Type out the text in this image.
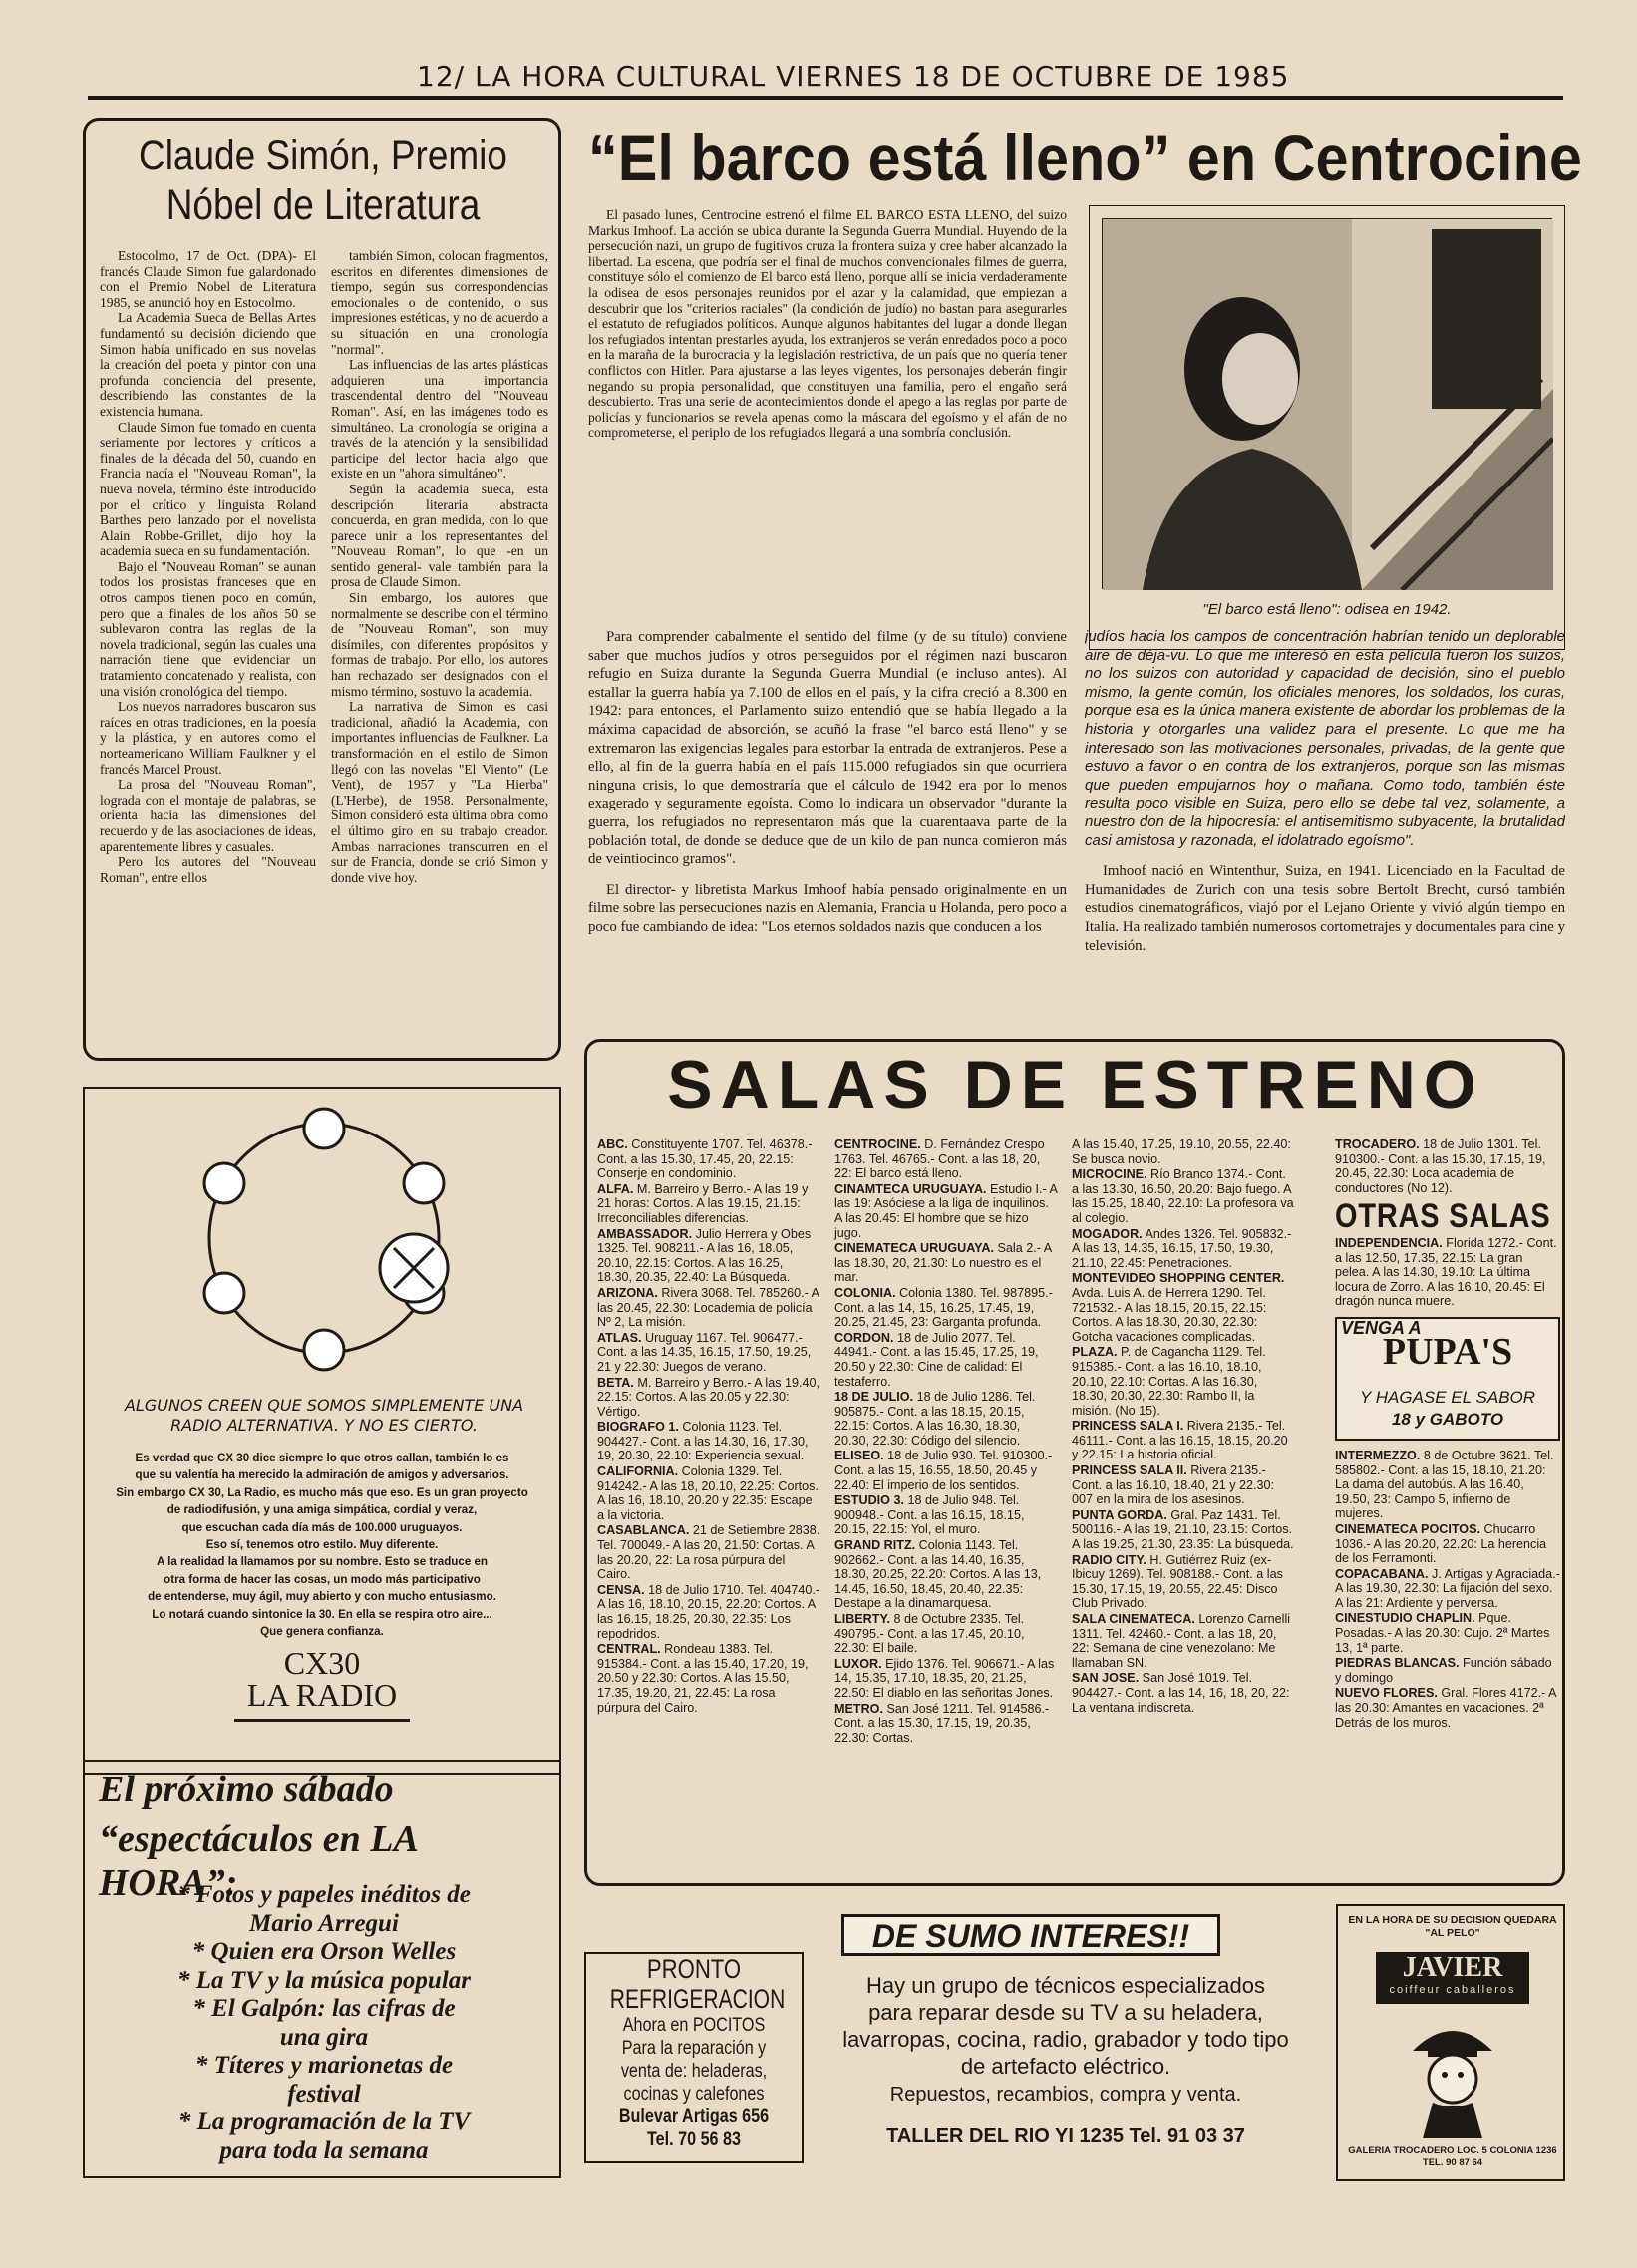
12/ LA HORA CULTURAL VIERNES 18 DE OCTUBRE DE 1985
Claude Simón, Premio Nóbel de Literatura

Estocolmo, 17 de Oct. (DPA)- El francés Claude Simon fue galardonado con el Premio Nobel de Literatura 1985, se anunció hoy en Estocolmo.

La Academia Sueca de Bellas Artes fundamentó su decisión diciendo que Simon había unificado en sus novelas la creación del poeta y pintor con una profunda conciencia del presente, describiendo las constantes de la existencia humana.

Claude Simon fue tomado en cuenta seriamente por lectores y críticos a finales de la década del 50, cuando en Francia nacía el "Nouveau Roman", la nueva novela, término éste introducido por el crítico y linguista Roland Barthes pero lanzado por el novelista Alain Robbe-Grillet, dijo hoy la academia sueca en su fundamentación.

Bajo el "Nouveau Roman" se aunan todos los prosistas franceses que en otros campos tienen poco en común, pero que a finales de los años 50 se sublevaron contra las reglas de la novela tradicional, según las cuales una narración tiene que evidenciar un tratamiento concatenado y realista, con una visión cronológica del tiempo.

Los nuevos narradores buscaron sus raíces en otras tradiciones, en la poesía y la plástica, y en autores como el norteamericano William Faulkner y el francés Marcel Proust.

La prosa del "Nouveau Roman", lograda con el montaje de palabras, se orienta hacia las dimensiones del recuerdo y de las asociaciones de ideas, aparentemente libres y casuales.

Pero los autores del "Nouveau Roman", entre ellos

también Simon, colocan fragmentos, escritos en diferentes dimensiones de tiempo, según sus correspondencias emocionales o de contenido, o sus impresiones estéticas, y no de acuerdo a su situación en una cronología "normal".

Las influencias de las artes plásticas adquieren una importancia trascendental dentro del "Nouveau Roman". Así, en las imágenes todo es simultáneo. La cronología se origina a través de la atención y la sensibilidad participe del lector hacia algo que existe en un "ahora simultáneo".

Según la academia sueca, esta descripción literaria abstracta concuerda, en gran medida, con lo que parece unir a los representantes del "Nouveau Roman", lo que -en un sentido general- vale también para la prosa de Claude Simon.

Sin embargo, los autores que normalmente se describe con el término de "Nouveau Roman", son muy disímiles, con diferentes propósitos y formas de trabajo. Por ello, los autores han rechazado ser designados con el mismo término, sostuvo la academia.

La narrativa de Simon es casi tradicional, añadió la Academia, con importantes influencias de Faulkner. La transformación en el estilo de Simon llegó con las novelas "El Viento" (Le Vent), de 1957 y "La Hierba" (L'Herbe), de 1958. Personalmente, Simon consideró esta última obra como el último giro en su trabajo creador. Ambas narraciones transcurren en el sur de Francia, donde se crió Simon y donde vive hoy.

“El barco está lleno” en Centrocine

El pasado lunes, Centrocine estrenó el filme EL BARCO ESTA LLENO, del suizo Markus Imhoof. La acción se ubica durante la Segunda Guerra Mundial. Huyendo de la persecución nazi, un grupo de fugitivos cruza la frontera suiza y cree haber alcanzado la libertad. La escena, que podría ser el final de muchos convencionales filmes de guerra, constituye sólo el comienzo de El barco está lleno, porque allí se inicia verdaderamente la odisea de esos personajes reunidos por el azar y la calamidad, que empiezan a descubrir que los "criterios raciales" (la condición de judío) no bastan para asegurarles el estatuto de refugiados políticos. Aunque algunos habitantes del lugar a donde llegan los refugiados intentan prestarles ayuda, los extranjeros se verán enredados poco a poco en la maraña de la burocracia y la legislación restrictiva, de un país que no quería tener conflictos con Hitler. Para ajustarse a las leyes vigentes, los personajes deberán fingir negando su propia personalidad, que constituyen una familia, pero el engaño será descubierto. Tras una serie de acontecimientos donde el apego a las reglas por parte de policías y funcionarios se revela apenas como la máscara del egoísmo y el afán de no comprometerse, el periplo de los refugiados llegará a una sombría conclusión.

"El barco está lleno": odisea en 1942.

Para comprender cabalmente el sentido del filme (y de su título) conviene saber que muchos judíos y otros perseguidos por el régimen nazi buscaron refugio en Suiza durante la Segunda Guerra Mundial (e incluso antes). Al estallar la guerra había ya 7.100 de ellos en el país, y la cifra creció a 8.300 en 1942: para entonces, el Parlamento suizo entendió que se había llegado a la máxima capacidad de absorción, se acuñó la frase "el barco está lleno" y se extremaron las exigencias legales para estorbar la entrada de extranjeros. Pese a ello, al fin de la guerra había en el país 115.000 refugiados sin que ocurriera ninguna crisis, lo que demostraría que el cálculo de 1942 era por lo menos exagerado y seguramente egoísta. Como lo indicara un observador "durante la guerra, los refugiados no representaron más que la cuarentaava parte de la población total, de donde se deduce que de un kilo de pan nunca comieron más de veintiocinco gramos".

El director- y libretista Markus Imhoof había pensado originalmente en un filme sobre las persecuciones nazis en Alemania, Francia u Holanda, pero poco a poco fue cambiando de idea: "Los eternos soldados nazis que conducen a los

judíos hacia los campos de concentración habrían tenido un deplorable aire de déja-vu. Lo que me interesó en esta película fueron los suizos, no los suizos con autoridad y capacidad de decisión, sino el pueblo mismo, la gente común, los oficiales menores, los soldados, los curas, porque esa es la única manera existente de abordar los problemas de la historia y otorgarles una validez para el presente. Lo que me ha interesado son las motivaciones personales, privadas, de la gente que estuvo a favor o en contra de los extranjeros, porque son las mismas que pueden empujarnos hoy o mañana. Como todo, también éste resulta poco visible en Suiza, pero ello se debe tal vez, solamente, a nuestro don de la hipocresía: el antisemitismo subyacente, la brutalidad casi amistosa y razonada, el idolatrado egoísmo".
Imhoof nació en Wintenthur, Suiza, en 1941. Licenciado en la Facultad de Humanidades de Zurich con una tesis sobre Bertolt Brecht, cursó también estudios cinematográficos, viajó por el Lejano Oriente y vivió algún tiempo en Italia. Ha realizado también numerosos cortometrajes y documentales para cine y televisión.
ALGUNOS CREEN QUE SOMOS SIMPLEMENTE UNA RADIO ALTERNATIVA. Y NO ES CIERTO.
Es verdad que CX 30 dice siempre lo que otros callan, también lo es
que su valentía ha merecido la admiración de amigos y adversarios.
Sin embargo CX 30, La Radio, es mucho más que eso. Es un gran proyecto
de radiodifusión, y una amiga simpática, cordial y veraz,
que escuchan cada día más de 100.000 uruguayos.
Eso sí, tenemos otro estilo. Muy diferente.
A la realidad la llamamos por su nombre. Esto se traduce en
otra forma de hacer las cosas, un modo más participativo
de entenderse, muy ágil, muy abierto y con mucho entusiasmo.
Lo notará cuando sintonice la 30. En ella se respira otro aire...
Que genera confianza.
CX30
LA RADIO
El próximo sábado
“espectáculos en LA HORA”:
* Fotos y papeles inéditos de
Mario Arregui
* Quien era Orson Welles
* La TV y la música popular
* El Galpón: las cifras de
una gira
* Títeres y marionetas de
festival
* La programación de la TV
para toda la semana
SALAS DE ESTRENO
ABC. Constituyente 1707. Tel. 46378.- Cont. a las 15.30, 17.45, 20, 22.15: Conserje en condominio.
ALFA. M. Barreiro y Berro.- A las 19 y 21 horas: Cortos. A las 19.15, 21.15: Irreconciliables diferencias.
AMBASSADOR. Julio Herrera y Obes 1325. Tel. 908211.- A las 16, 18.05, 20.10, 22.15: Cortos. A las 16.25, 18.30, 20.35, 22.40: La Búsqueda.
ARIZONA. Rivera 3068. Tel. 785260.- A las 20.45, 22.30: Locademia de policía Nº 2, La misión.
ATLAS. Uruguay 1167. Tel. 906477.- Cont. a las 14.35, 16.15, 17.50, 19.25, 21 y 22.30: Juegos de verano.
BETA. M. Barreiro y Berro.- A las 19.40, 22.15: Cortos. A las 20.05 y 22.30: Vértigo.
BIOGRAFO 1. Colonia 1123. Tel. 904427.- Cont. a las 14.30, 16, 17.30, 19, 20.30, 22.10: Experiencia sexual.
CALIFORNIA. Colonia 1329. Tel. 914242.- A las 18, 20.10, 22.25: Cortos. A las 16, 18.10, 20.20 y 22.35: Escape a la victoria.
CASABLANCA. 21 de Setiembre 2838. Tel. 700049.- A las 20, 21.50: Cortas. A las 20.20, 22: La rosa púrpura del Cairo.
CENSA. 18 de Julio 1710. Tel. 404740.- A las 16, 18.10, 20.15, 22.20: Cortos. A las 16.15, 18.25, 20.30, 22.35: Los repodridos.
CENTRAL. Rondeau 1383. Tel. 915384.- Cont. a las 15.40, 17.20, 19, 20.50 y 22.30: Cortos. A las 15.50, 17.35, 19.20, 21, 22.45: La rosa púrpura del Cairo.
CENTROCINE. D. Fernández Crespo 1763. Tel. 46765.- Cont. a las 18, 20, 22: El barco está lleno.
CINAMTECA URUGUAYA. Estudio I.- A las 19: Asóciese a la liga de inquilinos. A las 20.45: El hombre que se hizo jugo.
CINEMATECA URUGUAYA. Sala 2.- A las 18.30, 20, 21.30: Lo nuestro es el mar.
COLONIA. Colonia 1380. Tel. 987895.- Cont. a las 14, 15, 16.25, 17.45, 19, 20.25, 21.45, 23: Garganta profunda.
CORDON. 18 de Julio 2077. Tel. 44941.- Cont. a las 15.45, 17.25, 19, 20.50 y 22.30: Cine de calidad: El testaferro.
18 DE JULIO. 18 de Julio 1286. Tel. 905875.- Cont. a las 18.15, 20.15, 22.15: Cortos. A las 16.30, 18.30, 20.30, 22.30: Código del silencio.
ELISEO. 18 de Julio 930. Tel. 910300.- Cont. a las 15, 16.55, 18.50, 20.45 y 22.40: El imperio de los sentidos.
ESTUDIO 3. 18 de Julio 948. Tel. 900948.- Cont. a las 16.15, 18.15, 20.15, 22.15: Yol, el muro.
GRAND RITZ. Colonia 1143. Tel. 902662.- Cont. a las 14.40, 16.35, 18.30, 20.25, 22.20: Cortos. A las 13, 14.45, 16.50, 18.45, 20.40, 22.35: Destape a la dinamarquesa.
LIBERTY. 8 de Octubre 2335. Tel. 490795.- Cont. a las 17.45, 20.10, 22.30: El baile.
LUXOR. Ejido 1376. Tel. 906671.- A las 14, 15.35, 17.10, 18.35, 20, 21.25, 22.50: El diablo en las señoritas Jones.
METRO. San José 1211. Tel. 914586.- Cont. a las 15.30, 17.15, 19, 20.35, 22.30: Cortas.
A las 15.40, 17.25, 19.10, 20.55, 22.40: Se busca novio.
MICROCINE. Río Branco 1374.- Cont. a las 13.30, 16.50, 20.20: Bajo fuego. A las 15.25, 18.40, 22.10: La profesora va al colegio.
MOGADOR. Andes 1326. Tel. 905832.- A las 13, 14.35, 16.15, 17.50, 19.30, 21.10, 22.45: Penetraciones.
MONTEVIDEO SHOPPING CENTER. Avda. Luis A. de Herrera 1290. Tel. 721532.- A las 18.15, 20.15, 22.15: Cortos. A las 18.30, 20.30, 22.30: Gotcha vacaciones complicadas.
PLAZA. P. de Cagancha 1129. Tel. 915385.- Cont. a las 16.10, 18.10, 20.10, 22.10: Cortas. A las 16.30, 18.30, 20.30, 22.30: Rambo II, la misión. (No 15).
PRINCESS SALA I. Rivera 2135.- Tel. 46111.- Cont. a las 16.15, 18.15, 20.20 y 22.15: La historia oficial.
PRINCESS SALA II. Rivera 2135.- Cont. a las 16.10, 18.40, 21 y 22.30: 007 en la mira de los asesinos.
PUNTA GORDA. Gral. Paz 1431. Tel. 500116.- A las 19, 21.10, 23.15: Cortos. A las 19.25, 21.30, 23.35: La búsqueda.
RADIO CITY. H. Gutiérrez Ruiz (ex-Ibicuy 1269). Tel. 908188.- Cont. a las 15.30, 17.15, 19, 20.55, 22.45: Disco Club Privado.
SALA CINEMATECA. Lorenzo Carnelli 1311. Tel. 42460.- Cont. a las 18, 20, 22: Semana de cine venezolano: Me llamaban SN.
SAN JOSE. San José 1019. Tel. 904427.- Cont. a las 14, 16, 18, 20, 22: La ventana indiscreta.
TROCADERO. 18 de Julio 1301. Tel. 910300.- Cont. a las 15.30, 17.15, 19, 20.45, 22.30: Loca academia de conductores (No 12).
OTRAS SALAS
INDEPENDENCIA. Florida 1272.- Cont. a las 12.50, 17.35, 22.15: La gran pelea. A las 14.30, 19.10: La última locura de Zorro. A las 16.10, 20.45: El dragón nunca muere.
VENGA A
PUPA'S
Y HAGASE EL SABOR
18 y GABOTO
INTERMEZZO. 8 de Octubre 3621. Tel. 585802.- Cont. a las 15, 18.10, 21.20: La dama del autobús. A las 16.40, 19.50, 23: Campo 5, infierno de mujeres.
CINEMATECA POCITOS. Chucarro 1036.- A las 20.20, 22.20: La herencia de los Ferramonti.
COPACABANA. J. Artigas y Agraciada.- A las 19.30, 22.30: La fijación del sexo. A las 21: Ardiente y perversa.
CINESTUDIO CHAPLIN. Pque. Posadas.- A las 20.30: Cujo. 2ª Martes 13, 1ª parte.
PIEDRAS BLANCAS. Función sábado y domingo
NUEVO FLORES. Gral. Flores 4172.- A las 20.30: Amantes en vacaciones. 2ª Detrás de los muros.
PRONTO
REFRIGERACION
Ahora en POCITOS
Para la reparación y
venta de: heladeras,
cocinas y calefones
Bulevar Artigas 656
Tel. 70 56 83
DE SUMO INTERES!!
Hay un grupo de técnicos especializados para reparar desde su TV a su heladera, lavarropas, cocina, radio, grabador y todo tipo de artefacto eléctrico.
Repuestos, recambios, compra y venta.
TALLER DEL RIO YI 1235 Tel. 91 03 37
EN LA HORA DE SU DECISION QUEDARA "AL PELO"
JAVIER
coiffeur caballeros
GALERIA TROCADERO LOC. 5 COLONIA 1236 TEL. 90 87 64
